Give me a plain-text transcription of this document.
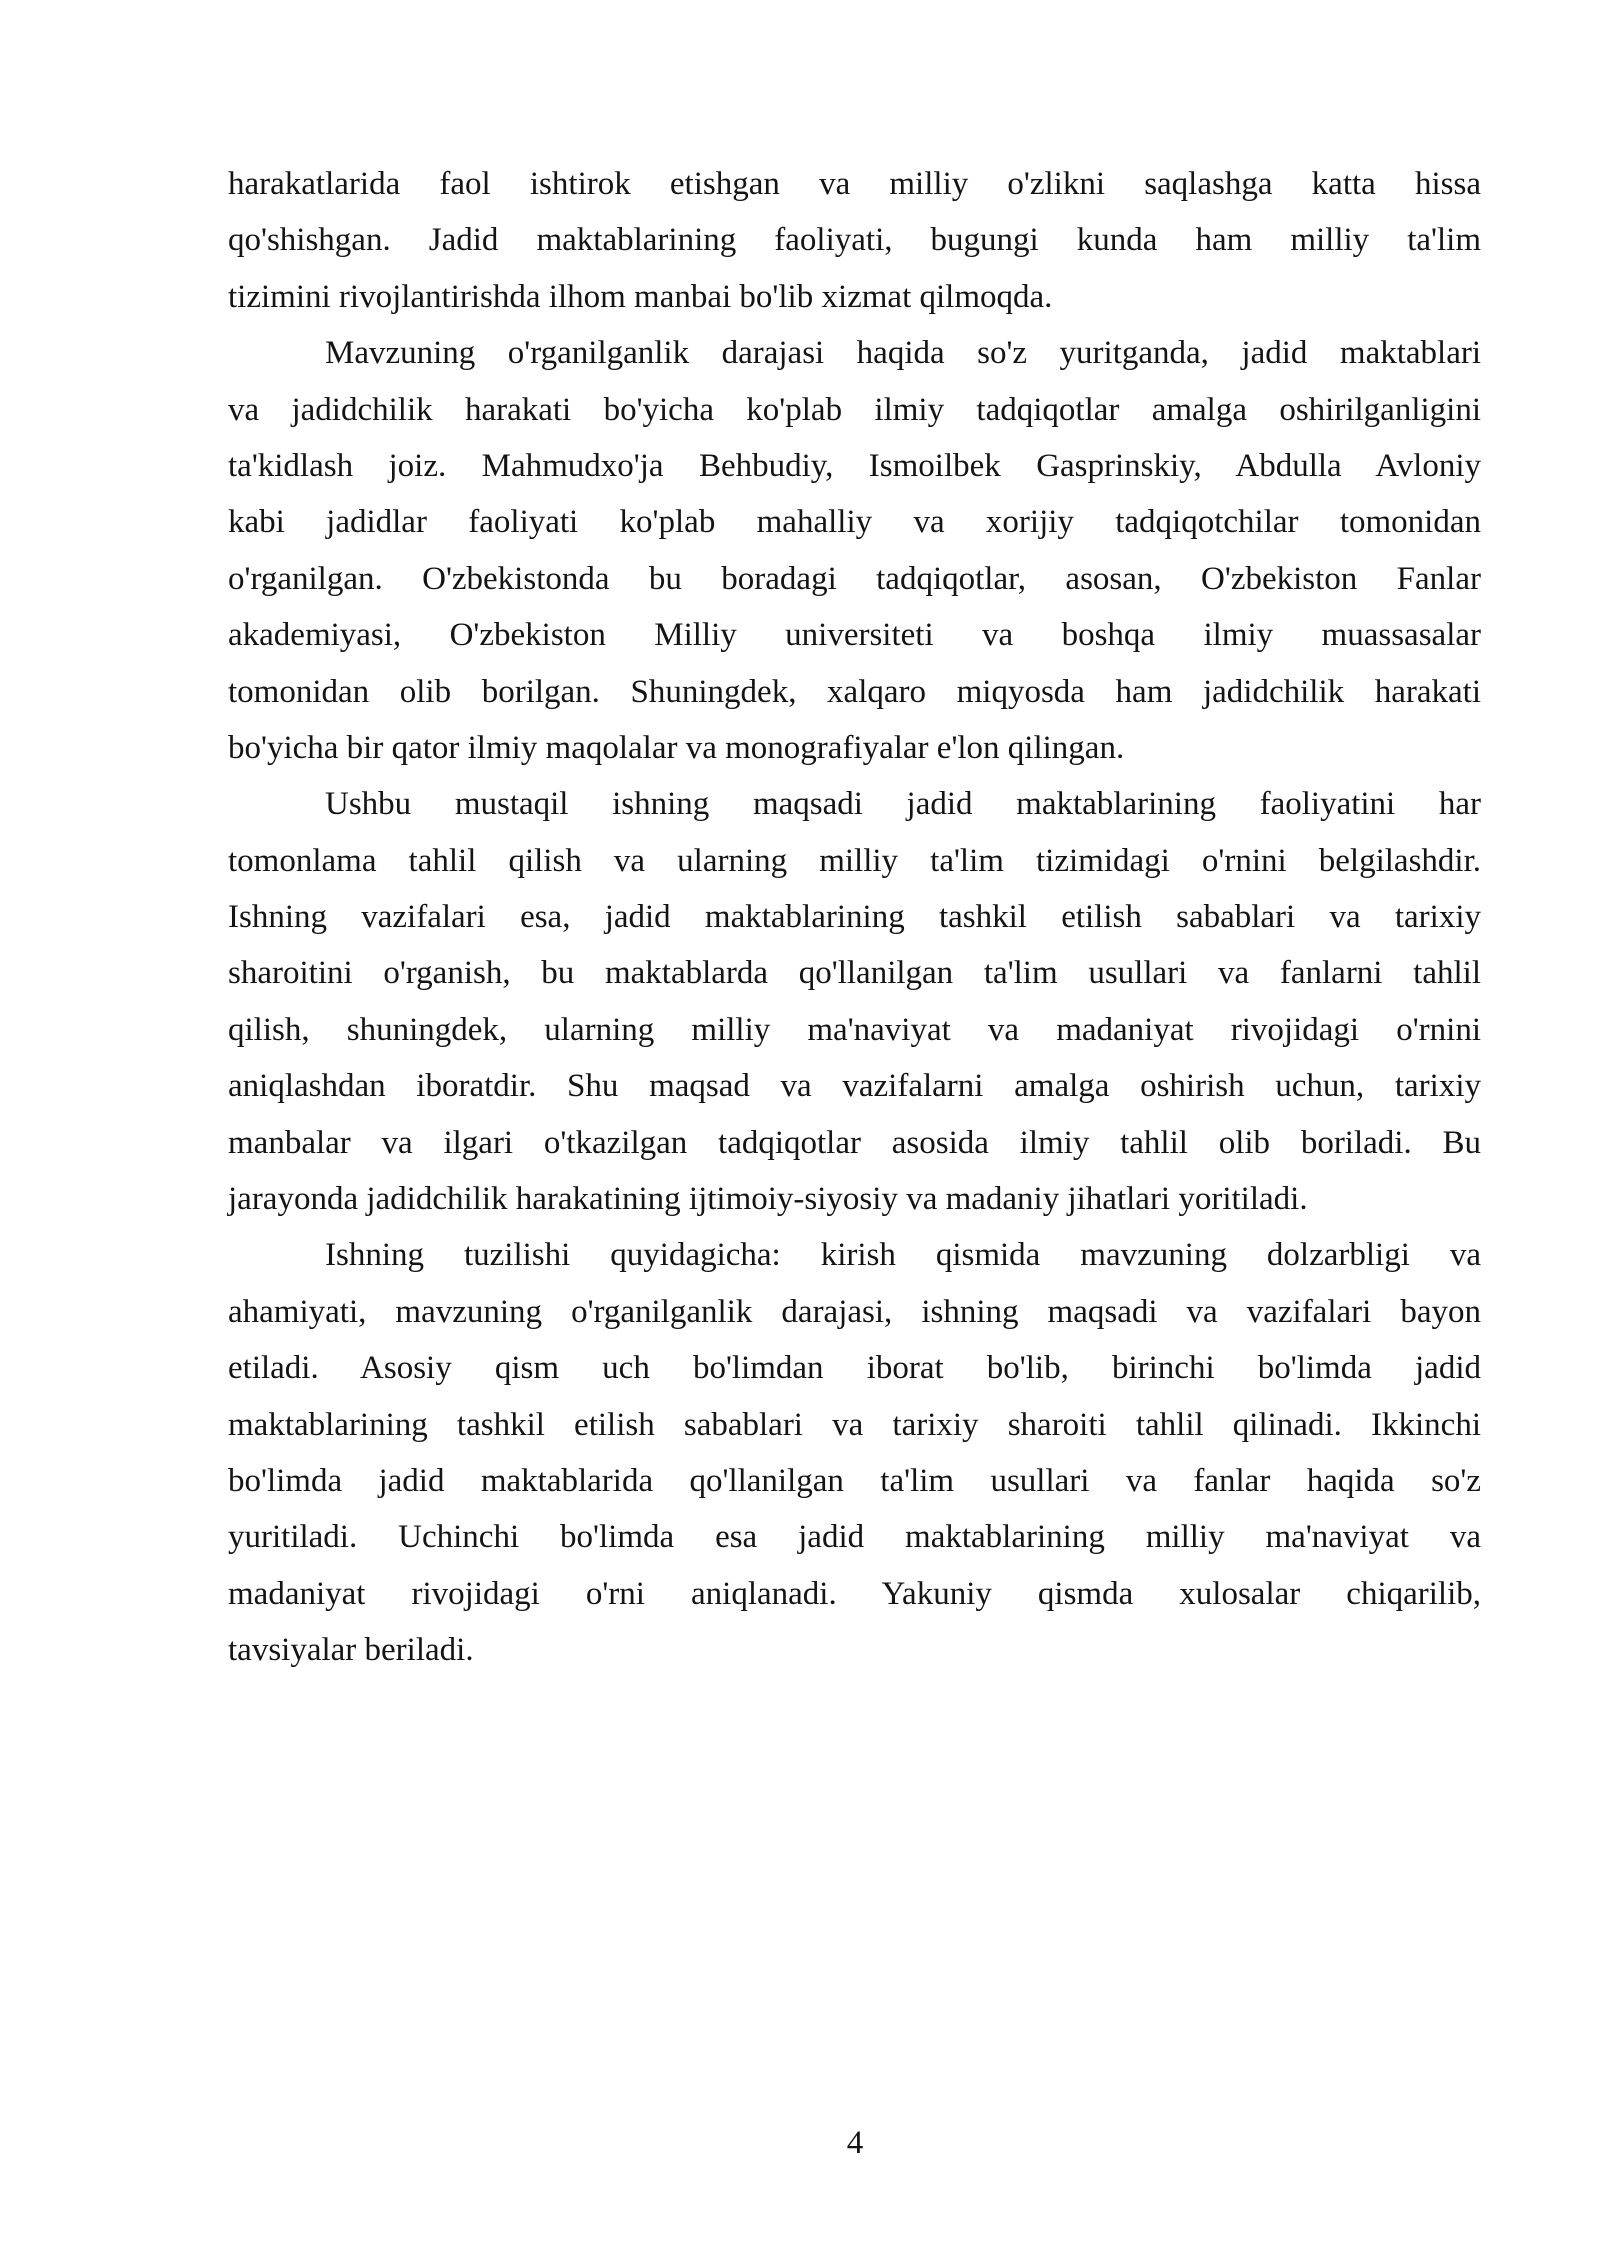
harakatlarida faol ishtirok etishgan va milliy o'zlikni saqlashga katta hissa
qo'shishgan. Jadid maktablarining faoliyati, bugungi kunda ham milliy ta'lim
tizimini rivojlantirishda ilhom manbai bo'lib xizmat qilmoqda.
Mavzuning o'rganilganlik darajasi haqida so'z yuritganda, jadid maktablari
va jadidchilik harakati bo'yicha ko'plab ilmiy tadqiqotlar amalga oshirilganligini
ta'kidlash joiz. Mahmudxo'ja Behbudiy, Ismoilbek Gasprinskiy, Abdulla Avloniy
kabi jadidlar faoliyati ko'plab mahalliy va xorijiy tadqiqotchilar tomonidan
o'rganilgan. O'zbekistonda bu boradagi tadqiqotlar, asosan, O'zbekiston Fanlar
akademiyasi, O'zbekiston Milliy universiteti va boshqa ilmiy muassasalar
tomonidan olib borilgan. Shuningdek, xalqaro miqyosda ham jadidchilik harakati
bo'yicha bir qator ilmiy maqolalar va monografiyalar e'lon qilingan.
Ushbu mustaqil ishning maqsadi jadid maktablarining faoliyatini har
tomonlama tahlil qilish va ularning milliy ta'lim tizimidagi o'rnini belgilashdir.
Ishning vazifalari esa, jadid maktablarining tashkil etilish sabablari va tarixiy
sharoitini o'rganish, bu maktablarda qo'llanilgan ta'lim usullari va fanlarni tahlil
qilish, shuningdek, ularning milliy ma'naviyat va madaniyat rivojidagi o'rnini
aniqlashdan iboratdir. Shu maqsad va vazifalarni amalga oshirish uchun, tarixiy
manbalar va ilgari o'tkazilgan tadqiqotlar asosida ilmiy tahlil olib boriladi. Bu
jarayonda jadidchilik harakatining ijtimoiy-siyosiy va madaniy jihatlari yoritiladi.
Ishning tuzilishi quyidagicha: kirish qismida mavzuning dolzarbligi va
ahamiyati, mavzuning o'rganilganlik darajasi, ishning maqsadi va vazifalari bayon
etiladi. Asosiy qism uch bo'limdan iborat bo'lib, birinchi bo'limda jadid
maktablarining tashkil etilish sabablari va tarixiy sharoiti tahlil qilinadi. Ikkinchi
bo'limda jadid maktablarida qo'llanilgan ta'lim usullari va fanlar haqida so'z
yuritiladi. Uchinchi bo'limda esa jadid maktablarining milliy ma'naviyat va
madaniyat rivojidagi o'rni aniqlanadi. Yakuniy qismda xulosalar chiqarilib,
tavsiyalar beriladi.
4
